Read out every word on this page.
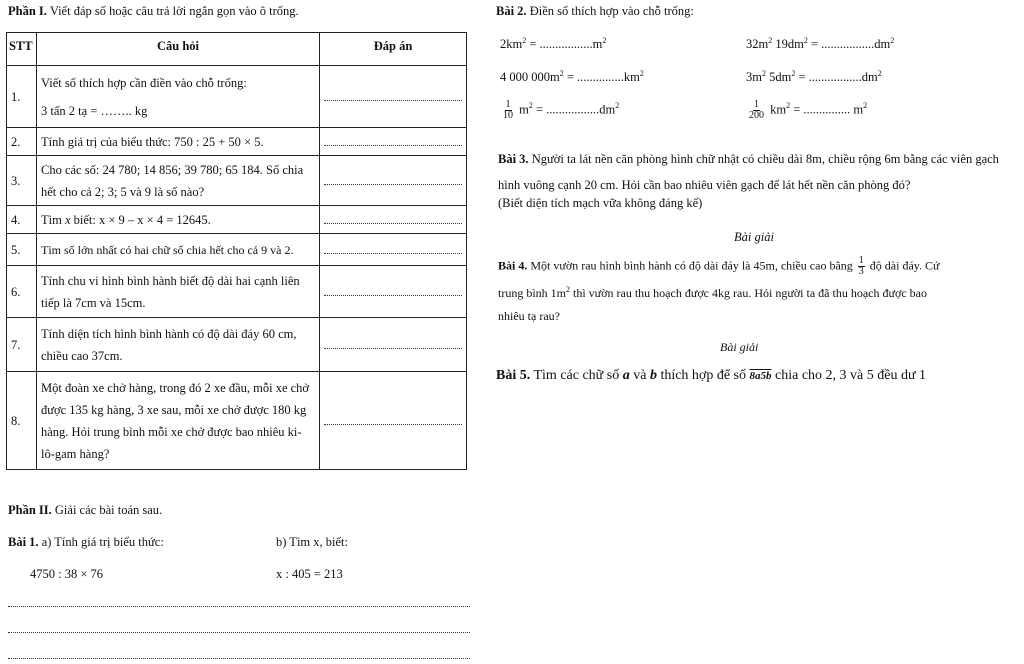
Phần I. Viết đáp số hoặc câu trả lời ngắn gọn vào ô trống.
STT	Câu hỏi	Đáp án
1.	Viết số thích hợp cần điền vào chỗ trống:
3 tấn 2 tạ = …….. kg	

2.	Tính giá trị của biểu thức: 750 : 25 + 50 × 5.	

3.	Cho các số: 24 780; 14 856; 39 780; 65 184. Số chia hết cho cả 2; 3; 5 và 9 là số nào?	

4.	Tìm x biết: x × 9 – x × 4 = 12645.	

5.	Tìm số lớn nhất có hai chữ số chia hết cho cả 9 và 2.	

6.	Tính chu vi hình bình hành biết độ dài hai cạnh liên tiếp là 7cm và 15cm.	

7.	Tính diện tích hình bình hành có độ dài đáy 60 cm, chiều cao 37cm.	

8.	Một đoàn xe chở hàng, trong đó 2 xe đầu, mỗi xe chở được 135 kg hàng, 3 xe sau, mỗi xe chở được 180 kg hàng. Hỏi trung bình mỗi xe chở được bao nhiêu ki-lô-gam hàng?	
Phần II. Giải các bài toán sau.
Bài 1. a) Tính giá trị biểu thức:	b) Tìm x, biết:
4750 : 38 × 76	x : 405 = 213
Bài 2. Điền số thích hợp vào chỗ trống:
$2km^2 = .................m^2$	$32m^2$ $19dm^2 = .................dm^2$
4 000 $000m^2 = ...............km^2$	$3m^2$ $5dm^2 = .................dm^2$
$\frac{1}{10} m^2 = .................dm^2$	$\frac{1}{200} km^2$ = ............... $m^2$
Bài 3. Người ta lát nền căn phòng hình chữ nhật có chiều dài 8m, chiều rộng 6m bằng các viên gạch hình vuông cạnh 20 cm. Hỏi cần bao nhiêu viên gạch để lát hết nền căn phòng đó?
(Biết diện tích mạch vữa không đáng kể)
Bài giải
Bài 4. Một vườn rau hình bình hành có độ dài đáy là 45m, chiều cao bằng $\frac{1}{3}$ độ dài đáy. Cứ
trung bình $1m^2$ thì vườn rau thu hoạch được 4kg rau. Hỏi người ta đã thu hoạch được bao
nhiêu tạ rau?
Bài giải
Bài 5. Tìm các chữ số a và b thích hợp để số 8a5b chia cho 2, 3 và 5 đều dư 1
